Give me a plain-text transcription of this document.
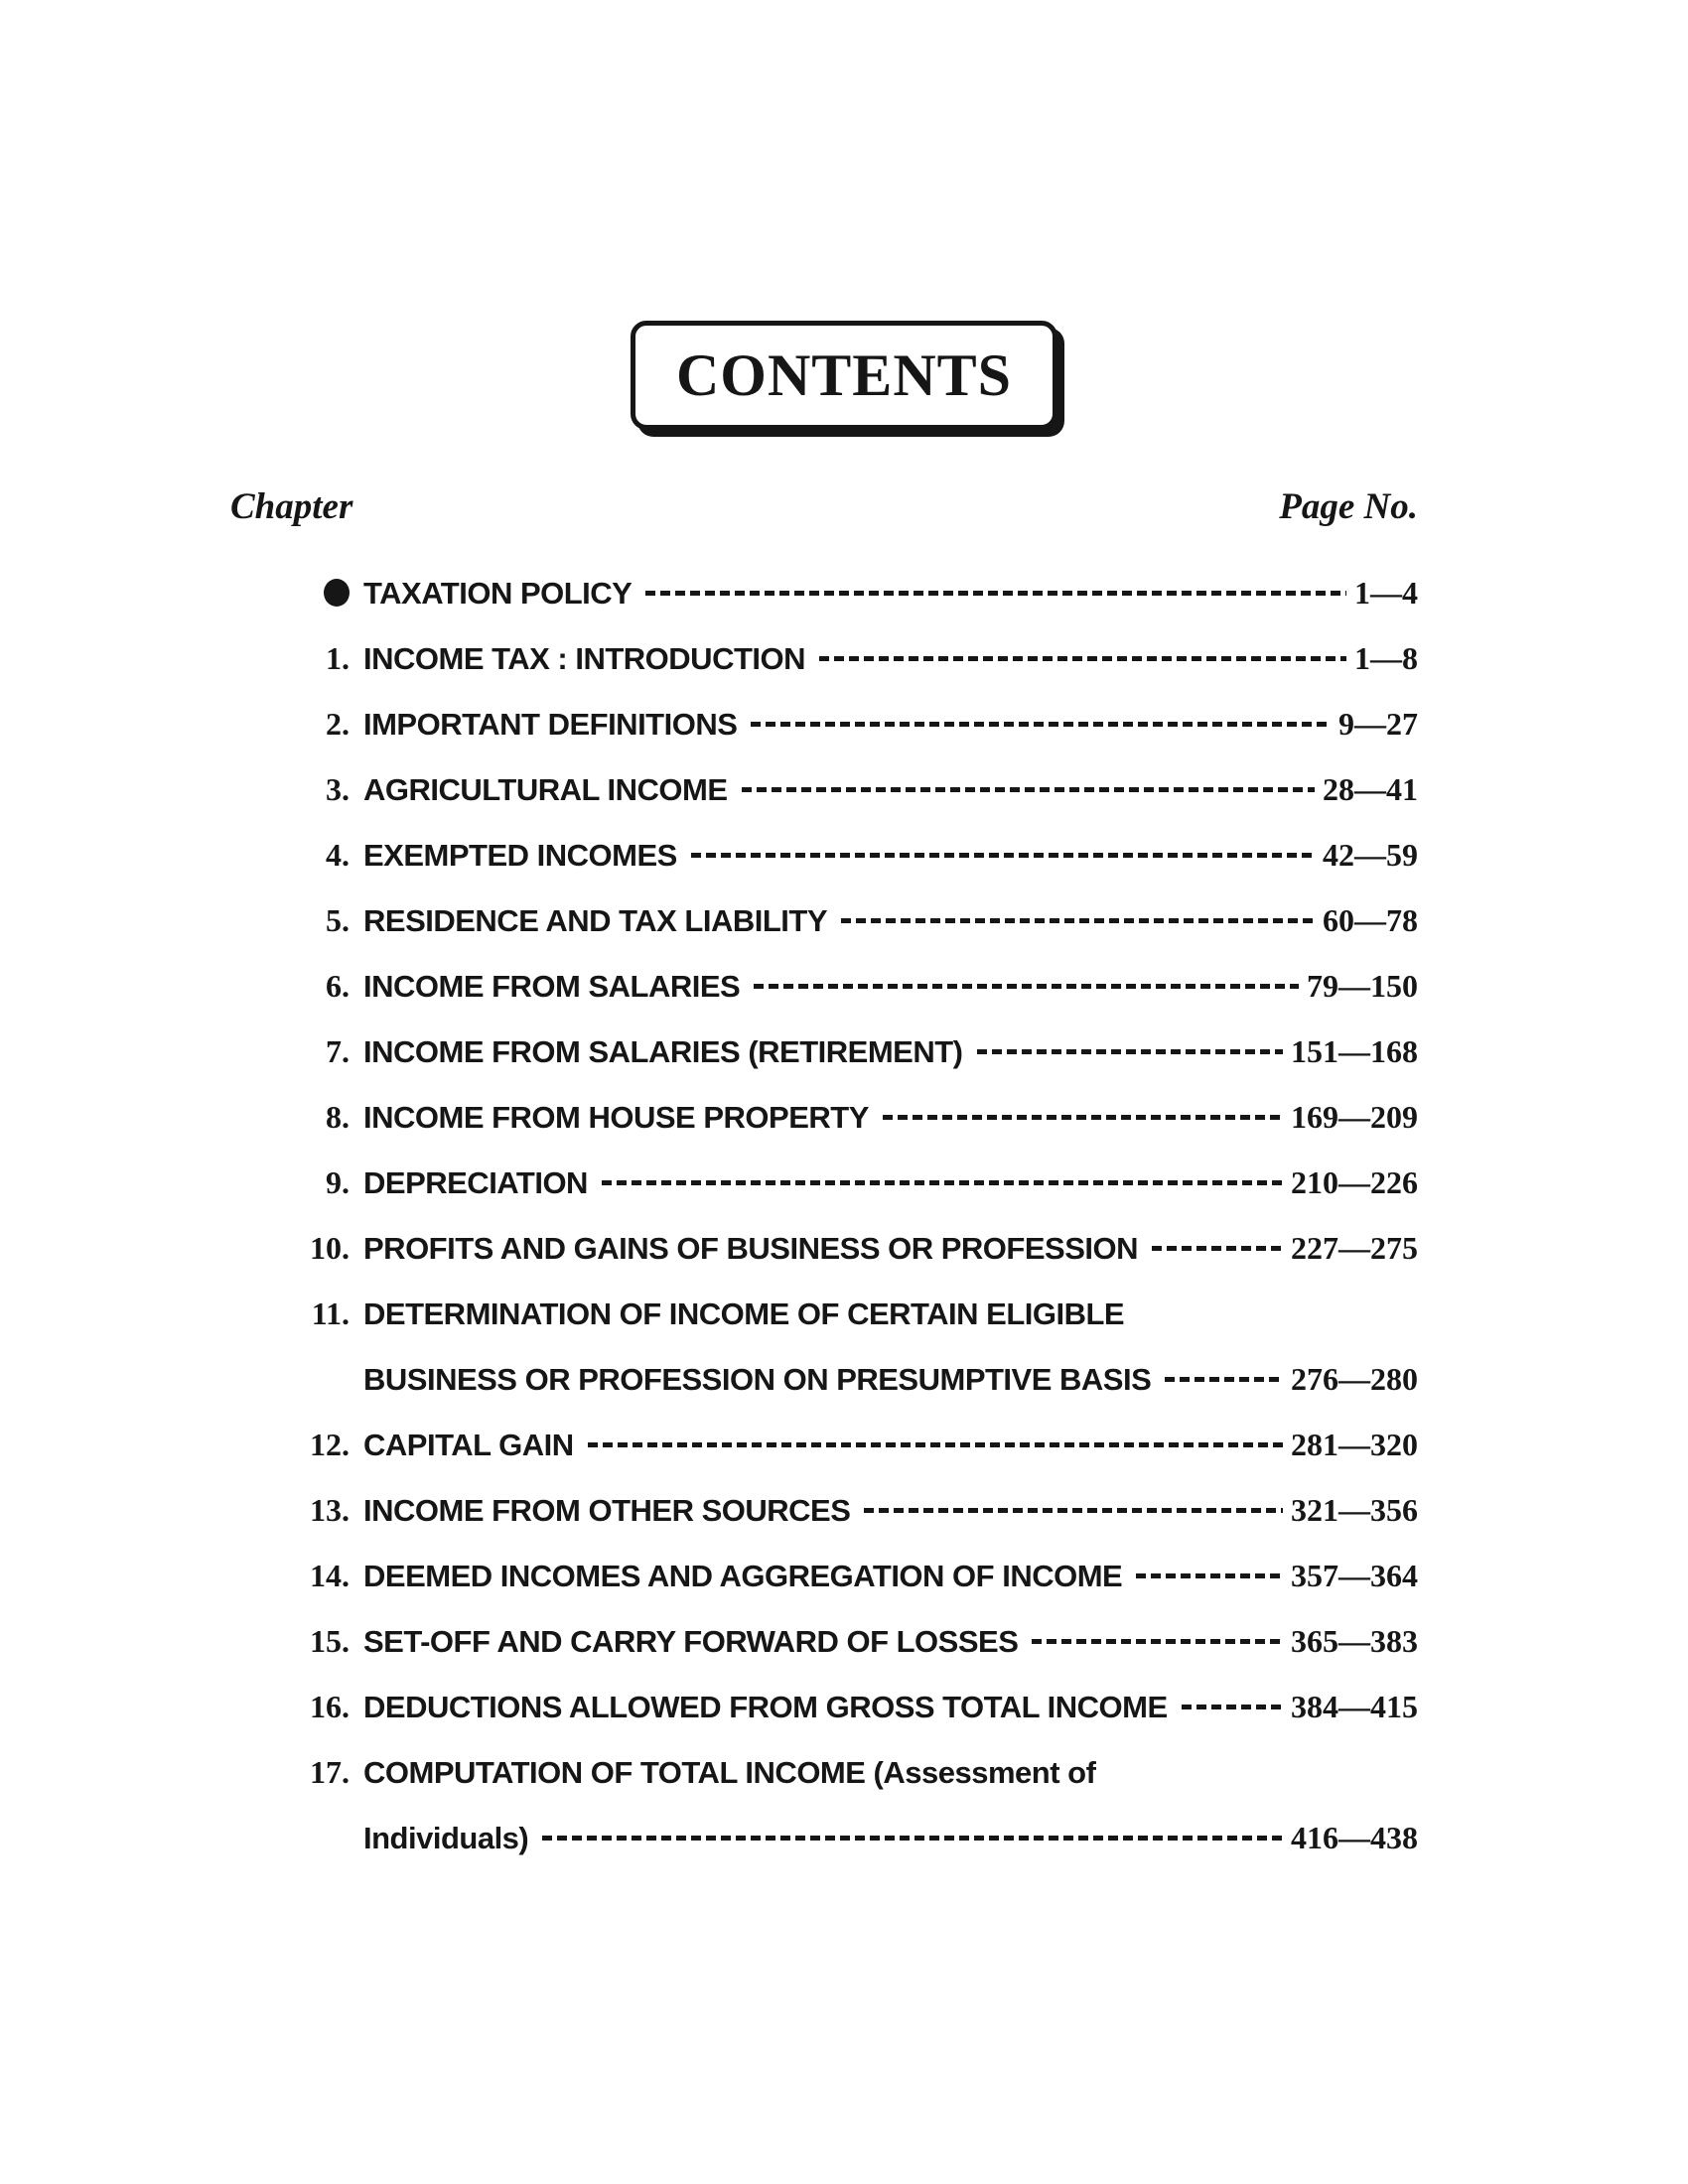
CONTENTS
Chapter	Page No.
TAXATION POLICY	1—4
1. INCOME TAX : INTRODUCTION	1—8
2. IMPORTANT DEFINITIONS	9—27
3. AGRICULTURAL INCOME	28—41
4. EXEMPTED INCOMES	42—59
5. RESIDENCE AND TAX LIABILITY	60—78
6. INCOME FROM SALARIES	79—150
7. INCOME FROM SALARIES (RETIREMENT)	151—168
8. INCOME FROM HOUSE PROPERTY	169—209
9. DEPRECIATION	210—226
10. PROFITS AND GAINS OF BUSINESS OR PROFESSION	227—275
11. DETERMINATION OF INCOME OF CERTAIN ELIGIBLE
BUSINESS OR PROFESSION ON PRESUMPTIVE BASIS	276—280
12. CAPITAL GAIN	281—320
13. INCOME FROM OTHER SOURCES	321—356
14. DEEMED INCOMES AND AGGREGATION OF INCOME	357—364
15. SET-OFF AND CARRY FORWARD OF LOSSES	365—383
16. DEDUCTIONS ALLOWED FROM GROSS TOTAL INCOME	384—415
17. COMPUTATION OF TOTAL INCOME (Assessment of
Individuals)	416—438
